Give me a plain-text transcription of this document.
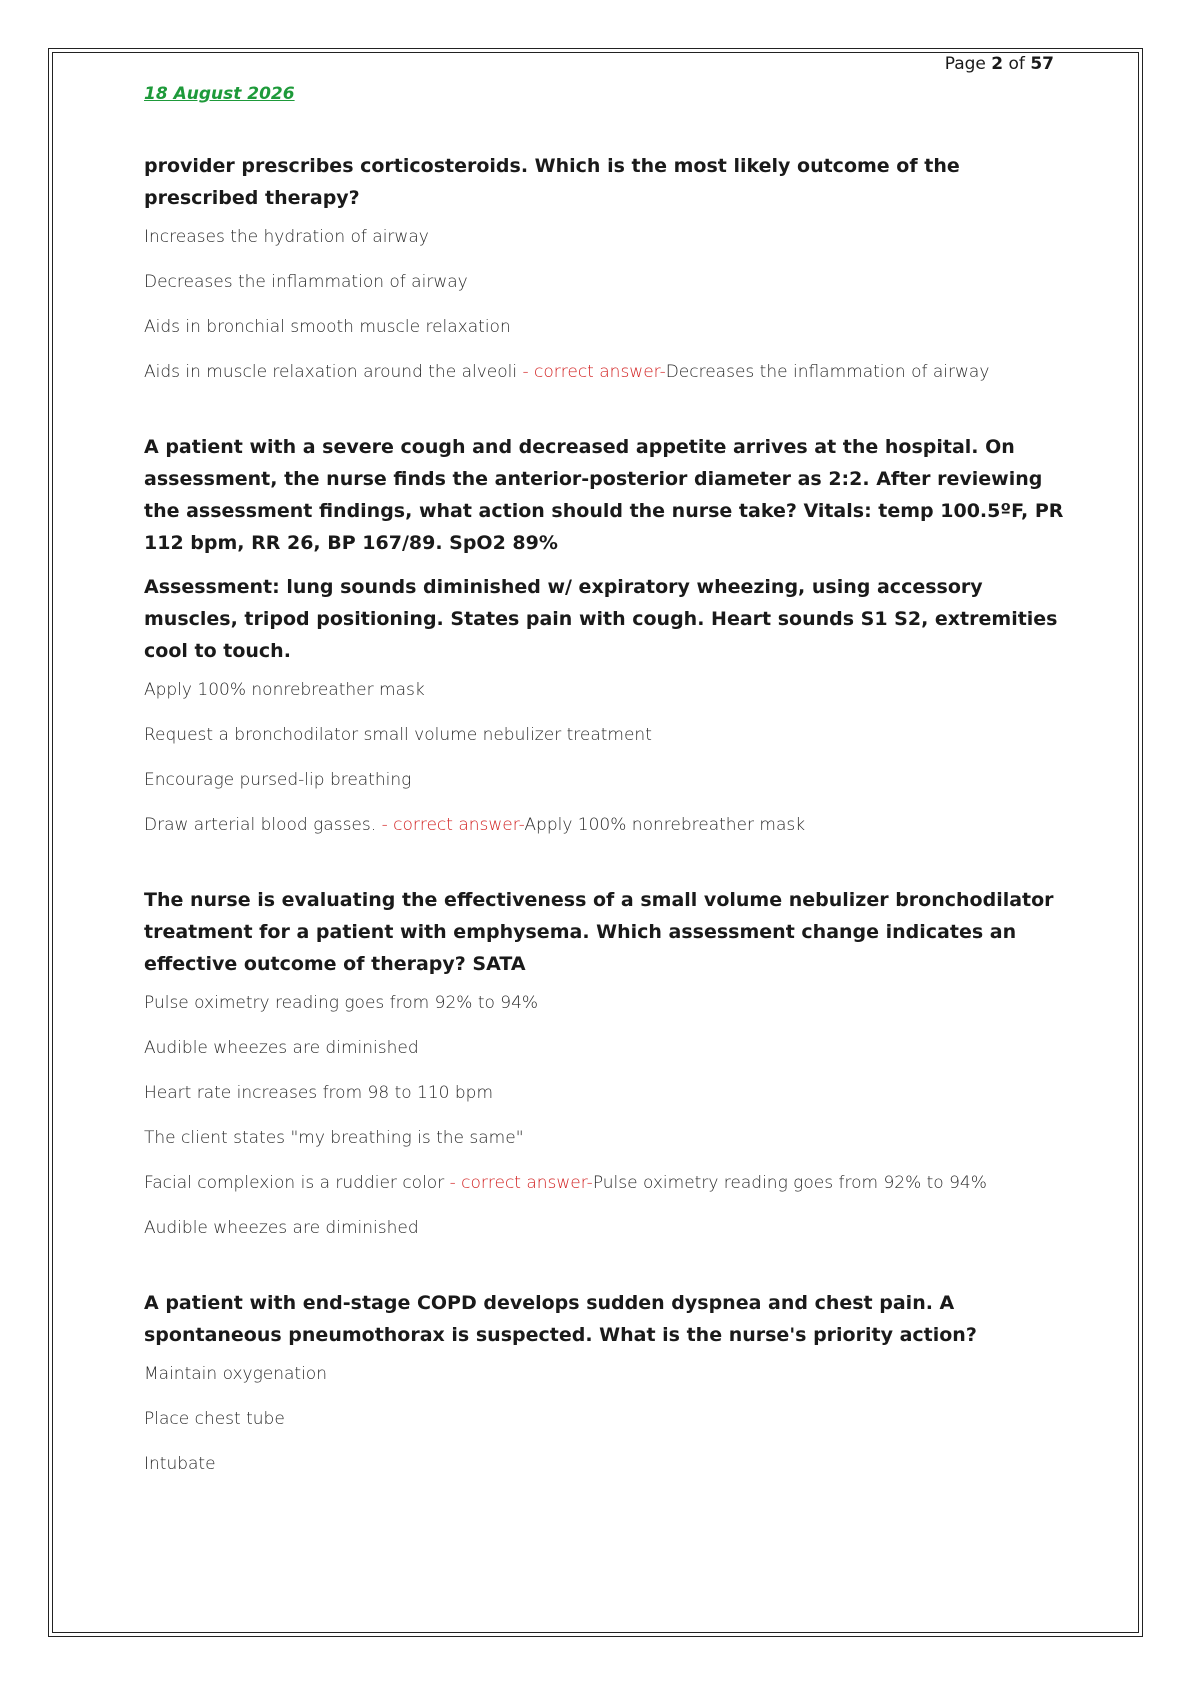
Page 2 of 57
18 August 2026
provider prescribes corticosteroids. Which is the most likely outcome of the prescribed therapy?
Increases the hydration of airway
Decreases the inflammation of airway
Aids in bronchial smooth muscle relaxation
Aids in muscle relaxation around the alveoli - correct answer-Decreases the inflammation of airway
A patient with a severe cough and decreased appetite arrives at the hospital. On assessment, the nurse finds the anterior-posterior diameter as 2:2. After reviewing the assessment findings, what action should the nurse take? Vitals: temp 100.5ºF, PR 112 bpm, RR 26, BP 167/89. SpO2 89%
Assessment: lung sounds diminished w/ expiratory wheezing, using accessory muscles, tripod positioning. States pain with cough. Heart sounds S1 S2, extremities cool to touch.
Apply 100% nonrebreather mask
Request a bronchodilator small volume nebulizer treatment
Encourage pursed-lip breathing
Draw arterial blood gasses. - correct answer-Apply 100% nonrebreather mask
The nurse is evaluating the effectiveness of a small volume nebulizer bronchodilator treatment for a patient with emphysema. Which assessment change indicates an effective outcome of therapy? SATA
Pulse oximetry reading goes from 92% to 94%
Audible wheezes are diminished
Heart rate increases from 98 to 110 bpm
The client states "my breathing is the same"
Facial complexion is a ruddier color - correct answer-Pulse oximetry reading goes from 92% to 94%
Audible wheezes are diminished
A patient with end-stage COPD develops sudden dyspnea and chest pain. A spontaneous pneumothorax is suspected. What is the nurse's priority action?
Maintain oxygenation
Place chest tube
Intubate
